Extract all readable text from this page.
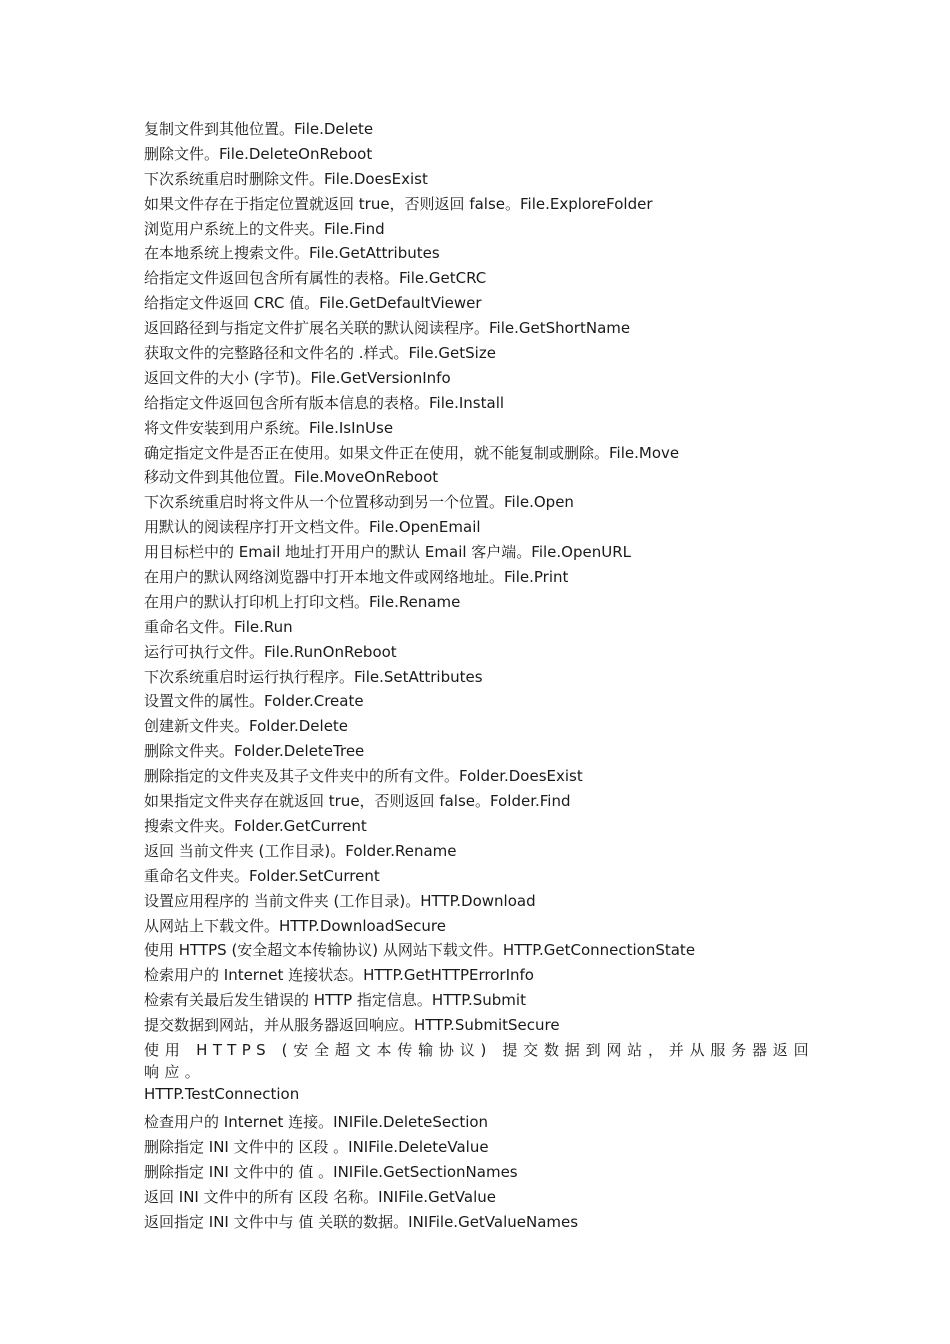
复制文件到其他位置。File.Delete
删除文件。File.DeleteOnReboot
下次系统重启时删除文件。File.DoesExist
如果文件存在于指定位置就返回 true，否则返回 false。File.ExploreFolder
浏览用户系统上的文件夹。File.Find
在本地系统上搜索文件。File.GetAttributes
给指定文件返回包含所有属性的表格。File.GetCRC
给指定文件返回 CRC 值。File.GetDefaultViewer
返回路径到与指定文件扩展名关联的默认阅读程序。File.GetShortName
获取文件的完整路径和文件名的 .样式。File.GetSize
返回文件的大小 (字节)。File.GetVersionInfo
给指定文件返回包含所有版本信息的表格。File.Install
将文件安装到用户系统。File.IsInUse
确定指定文件是否正在使用。如果文件正在使用，就不能复制或删除。File.Move
移动文件到其他位置。File.MoveOnReboot
下次系统重启时将文件从一个位置移动到另一个位置。File.Open
用默认的阅读程序打开文档文件。File.OpenEmail
用目标栏中的 Email 地址打开用户的默认 Email 客户端。File.OpenURL
在用户的默认网络浏览器中打开本地文件或网络地址。File.Print
在用户的默认打印机上打印文档。File.Rename
重命名文件。File.Run
运行可执行文件。File.RunOnReboot
下次系统重启时运行执行程序。File.SetAttributes
设置文件的属性。Folder.Create
创建新文件夹。Folder.Delete
删除文件夹。Folder.DeleteTree
删除指定的文件夹及其子文件夹中的所有文件。Folder.DoesExist
如果指定文件夹存在就返回 true，否则返回 false。Folder.Find
搜索文件夹。Folder.GetCurrent
返回 当前文件夹 (工作目录)。Folder.Rename
重命名文件夹。Folder.SetCurrent
设置应用程序的 当前文件夹 (工作目录)。HTTP.Download
从网站上下载文件。HTTP.DownloadSecure
使用 HTTPS (安全超文本传输协议) 从网站下载文件。HTTP.GetConnectionState
检索用户的 Internet 连接状态。HTTP.GetHTTPErrorInfo
检索有关最后发生错误的 HTTP 指定信息。HTTP.Submit
提交数据到网站，并从服务器返回响应。HTTP.SubmitSecure
使用 HTTPS (安全超文本传输协议) 提交数据到网站，并从服务器返回响应。
HTTP.TestConnection
检查用户的 Internet 连接。INIFile.DeleteSection
删除指定 INI 文件中的 区段 。INIFile.DeleteValue
删除指定 INI 文件中的 值 。INIFile.GetSectionNames
返回 INI 文件中的所有 区段 名称。INIFile.GetValue
返回指定 INI 文件中与 值 关联的数据。INIFile.GetValueNames
